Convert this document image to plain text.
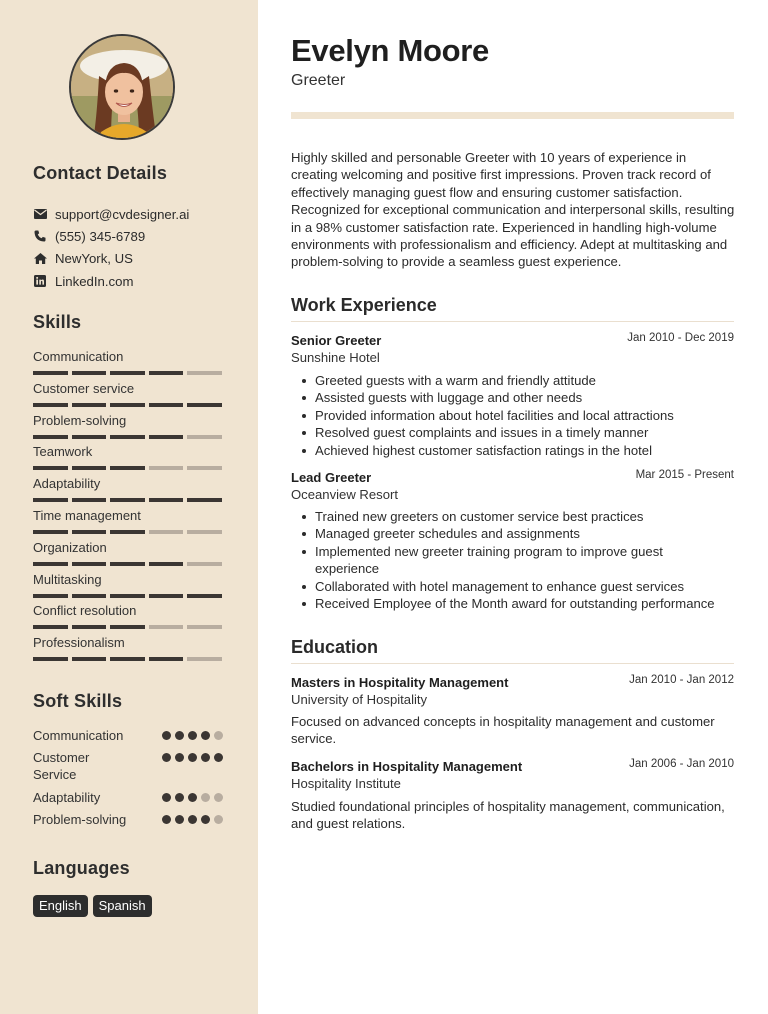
Contact Details
support@cvdesigner.ai
(555) 345-6789
NewYork, US
LinkedIn.com
Skills
Communication
Customer service
Problem-solving
Teamwork
Adaptability
Time management
Organization
Multitasking
Conflict resolution
Professionalism
Soft Skills
Communication
Customer Service
Adaptability
Problem-solving
Languages
English	Spanish
Evelyn Moore
Greeter
Highly skilled and personable Greeter with 10 years of experience in creating welcoming and positive first impressions. Proven track record of effectively managing guest flow and ensuring customer satisfaction. Recognized for exceptional communication and interpersonal skills, resulting in a 98% customer satisfaction rate. Experienced in handling high-volume environments with professionalism and efficiency. Adept at multitasking and problem-solving to provide a seamless guest experience.
Work Experience
Senior Greeter	Jan 2010 - Dec 2019
Sunshine Hotel
Greeted guests with a warm and friendly attitude
Assisted guests with luggage and other needs
Provided information about hotel facilities and local attractions
Resolved guest complaints and issues in a timely manner
Achieved highest customer satisfaction ratings in the hotel
Lead Greeter	Mar 2015 - Present
Oceanview Resort
Trained new greeters on customer service best practices
Managed greeter schedules and assignments
Implemented new greeter training program to improve guest experience
Collaborated with hotel management to enhance guest services
Received Employee of the Month award for outstanding performance
Education
Masters in Hospitality Management	Jan 2010 - Jan 2012
University of Hospitality
Focused on advanced concepts in hospitality management and customer service.
Bachelors in Hospitality Management	Jan 2006 - Jan 2010
Hospitality Institute
Studied foundational principles of hospitality management, communication, and guest relations.
